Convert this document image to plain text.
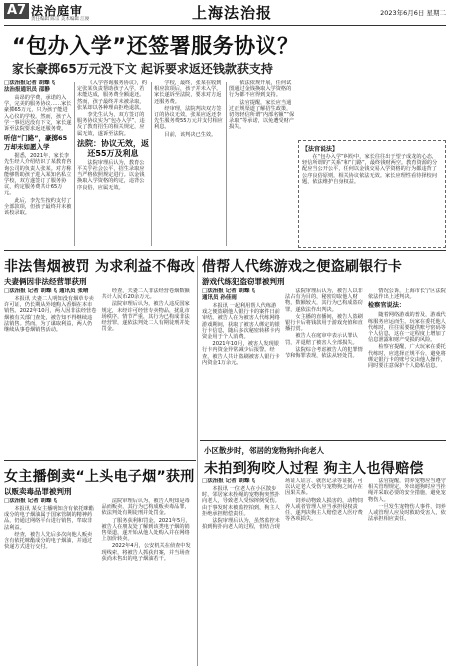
A7 法治庭审
责任编辑 陈宗 美术编辑 江俊	上海法治报	2023年6月6日 星期二
“包办入学”还签署服务协议？
家长豪掷65万元没下文 起诉要求返还钱款获支持
□法治报记者 胡蝶飞
法治报通讯员 邵静

高昂的学费，承诺的入学，完美的服务协议……家长豪掷65万元，只为孩子能进入心仪的学校。然而，孩子入学一事迟迟没有下文，家长遂诉至法院要求返还服务费。

听信“门路”，豪掷65万却未如愿入学

据悉，2021年，家长李先生经人介绍结识了某教育咨询公司的负责人张某。对方称能够帮助孩子进入某知名私立学校，双方遂签订了服务协议，约定服务费共计65万元。

此后，李先生按约支付了全部款项，但孩子最终并未被该校录取。

《入学咨询服务协议》，约定张某负责帮助孩子入学，若未能达成，服务费全额退还。然而，孩子最终并未被录取，张某却以各种理由拒绝退款。

李先生认为，双方签订的服务协议实为“包办入学”，违反了教育招生的相关规定，应属无效，遂诉至法院。

法院：协议无效，返还55万及利息

法院审理后认为，教育公平关乎社会公平，招生录取应当严格依照规定进行。以金钱换取入学资格的约定，违背公序良俗，应属无效。

学校，最终，张某在收到相应款项后，孩子并未入学。家长遂诉至法院，要求对方返还服务费。

经审理，法院判决双方签订的协议无效，张某应返还李先生服务费55万元并支付相应利息。

目前，该判决已生效。

依法依规开展，任何试图通过金钱换取入学资格的行为都不应得到支持。

法官提醒，家长应当通过正规渠道了解招生政策，切勿轻信所谓“内部名额”“保录取”等承诺，以免遭受财产损失。

【法官说法】

在“包办入学”纠纷中，家长往往出于望子成龙的心态，轻信所谓的“关系”和“门路”，最终钱财两空。教育资源的分配应当公开公平，任何以金钱交易入学资格的行为都违背了公序良俗原则，相关协议依法无效。家长应理性看待择校问题，依法维护自身权益。

非法售烟被罚 为求利益不侮改
夫妻俩因非法经营罪获刑
□法治报 记者 胡蝶飞 通讯员 张晴

本报讯 夫妻二人明知没有烟草专卖许可证，仍长期从外地购入香烟在本市销售。2022年10月，两人因非法经营卷烟被有关部门查处，被告知不得继续违法销售。然而，为了谋取利益，两人仍继续从事卷烟销售活动。

经查，夫妻二人非法经营卷烟数额共计人民币20余万元。

法院审理后认为，被告人违反国家规定，未经许可经营专卖物品，扰乱市场秩序，情节严重，其行为已构成非法经营罪，遂依法判处二人有期徒刑并处罚金。

借帮人代练游戏之便盗刷银行卡
游戏代练犯盗窃罪被判刑
□法治报 记者 胡蝶飞
通讯员 孙佳雨

本报讯 一起利用帮人代练游戏之便盗刷他人银行卡的案件日前审结。被告人在为被害人代练网络游戏期间，获取了被害人绑定的银行卡信息，随后多次秘密转移卡内资金用于个人消费。

2021年10月，被害人发现银行卡内资金异常减少后报警。经查，被告人共计盗刷被害人银行卡内资金1万余元。

法院审理后认为，被告人以非法占有为目的，秘密窃取他人财物，数额较大，其行为已构成盗窃罪，遂依法作出判决。

女主播的直播间，被告人盗刷银行卡后将钱款用于游戏充值和直播打赏。

被告人在庭审中表示认罪认罚，并退赔了被害人全部损失。

法院综合考虑被告人的犯罪情节和悔罪表现，依法从轻处罚。

情况公诉，上海市长宁区法院依法作出上述判决。

检察官说法：

随着网络游戏的普及，游戏代练服务应运而生。玩家在委托他人代练时，往往需要提供账号密码等个人信息，这在一定程度上增加了信息泄露和财产受损的风险。

检察官提醒，广大玩家在委托代练时，应选择正规平台，避免将绑定银行卡的账号交由他人操作，同时要注意保护个人隐私信息。

女主播倒卖“上头电子烟”获刑
以贩卖毒品罪被判刑
□法治报 记者 胡蝶飞

本报讯 某女主播明知含有依托咪酯成分的电子烟油属于国家管制的精神药品，仍通过网络平台进行销售，牟取非法利益。

经查，被告人先后多次向他人贩卖含有依托咪酯成分的电子烟油，并通过快递方式进行交付。

法院审理后认为，被告人明知是毒品而贩卖，其行为已构成贩卖毒品罪，依法判处有期徒刑并处罚金。

了服务获利和罚金。2021年5月，被告人在朋友处了解到该类电子烟的销售渠道，遂开始从他人处购入并在网络上加价转卖。

2022年4月，公安机关在侦查中发现线索，将被告人抓获归案，并当场查获尚未售出的电子烟油若干。

小区散步时，邻居的宠物狗扑向老人
未拍到狗咬人过程 狗主人也得赔偿
□法治报 记者 胡蝶飞

本报讯 一位老人在小区散步时，邻居家未拴绳的宠物狗突然扑向老人，导致老人受惊摔倒受伤。由于事发时未被监控拍到，狗主人拒绝承担赔偿责任。

法院审理后认为，虽然监控未拍到狗扑向老人的过程，但结合现场证人证言、就医记录等证据，可以认定老人受伤与宠物狗之间存在因果关系。

饲养动物致人损害的，动物饲养人或者管理人应当承担侵权责任，遂判决狗主人赔偿老人医疗费等各项损失。

法官提醒，饲养宠物应当遵守相关管理规定，外出遛狗时应当拴绳并采取必要的安全措施，避免宠物伤人。

一旦发生宠物伤人事件，饲养人或管理人应及时救助受害人，依法承担相应责任。
